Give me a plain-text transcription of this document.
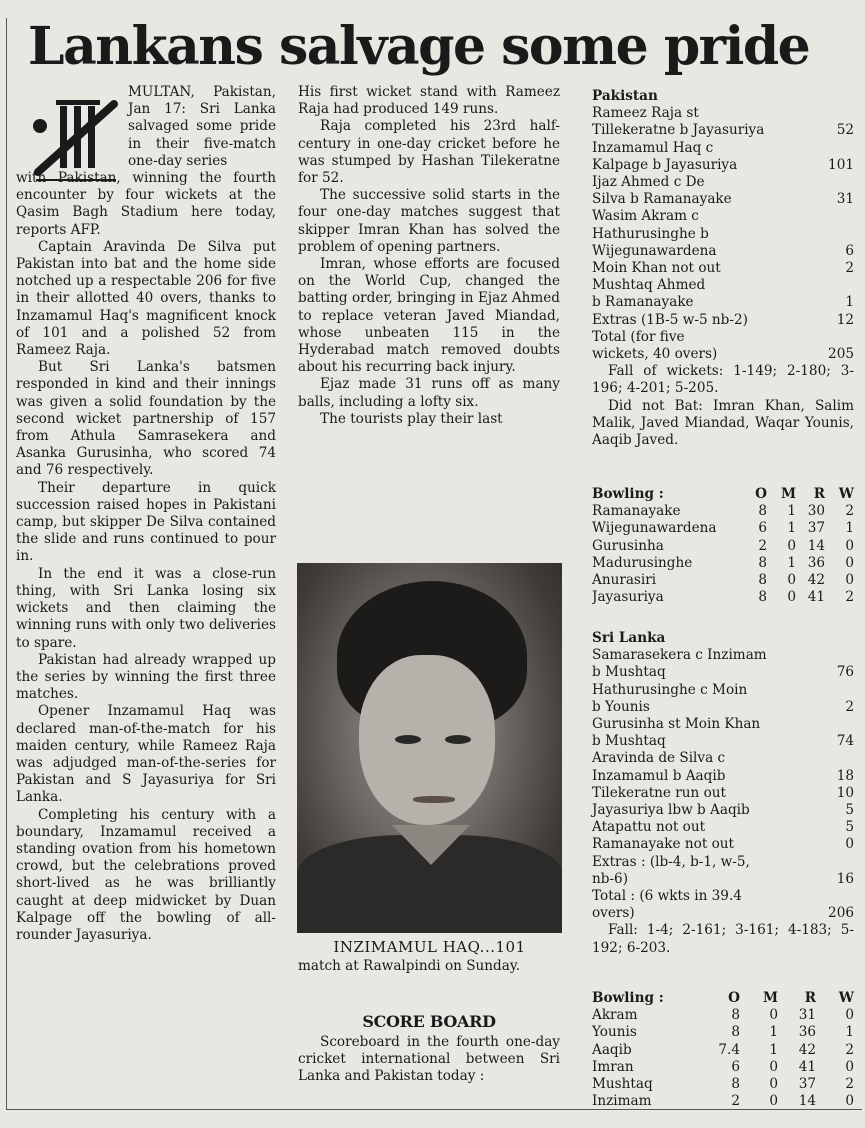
Lankans salvage some pride

MULTAN, Pakistan, Jan 17: Sri Lanka salvaged some pride in their five-match one-day series

with Pakistan, winning the fourth encounter by four wickets at the Qasim Bagh Stadium here today, reports AFP.

Captain Aravinda De Silva put Pakistan into bat and the home side notched up a respectable 206 for five in their allotted 40 overs, thanks to Inzamamul Haq's magnificent knock of 101 and a polished 52 from Rameez Raja.

But Sri Lanka's batsmen responded in kind and their innings was given a solid foundation by the second wicket partnership of 157 from Athula Samrasekera and Asanka Gurusinha, who scored 74 and 76 respectively.

Their departure in quick succession raised hopes in Pakistani camp, but skipper De Silva contained the slide and runs continued to pour in.

In the end it was a close-run thing, with Sri Lanka losing six wickets and then claiming the winning runs with only two deliveries to spare.

Pakistan had already wrapped up the series by winning the first three matches.

Opener Inzamamul Haq was declared man-of-the-match for his maiden century, while Rameez Raja was adjudged man-of-the-series for Pakistan and S Jayasuriya for Sri Lanka.

Completing his century with a boundary, Inzamamul received a standing ovation from his hometown crowd, but the celebrations proved short-lived as he was brilliantly caught at deep midwicket by Duan Kalpage off the bowling of all-rounder Jayasuriya.

His first wicket stand with Rameez Raja had produced 149 runs.

Raja completed his 23rd half-century in one-day cricket before he was stumped by Hashan Tilekeratne for 52.

The successive solid starts in the four one-day matches suggest that skipper Imran Khan has solved the problem of opening partners.

Imran, whose efforts are focused on the World Cup, changed the batting order, bringing in Ejaz Ahmed to replace veteran Javed Miandad, whose unbeaten 115 in the Hyderabad match removed doubts about his recurring back injury.

Ejaz made 31 runs off as many balls, including a lofty six.

The tourists play their last

INZIMAMUL HAQ...101

match at Rawalpindi on Sunday.

SCORE BOARD

Scoreboard in the fourth one-day cricket international between Sri Lanka and Pakistan today :

Pakistan
Rameez Raja st
Tillekeratne b Jayasuriya	52
Inzamamul Haq c
Kalpage b Jayasuriya	101
Ijaz Ahmed c De
Silva b Ramanayake	31
Wasim Akram c
Hathurusinghe b
Wijegunawardena	6
Moin Khan not out	2
Mushtaq Ahmed
b Ramanayake	1
Extras (1B-5 w-5 nb-2)	12
Total (for five
wickets, 40 overs)	205
Fall of wickets: 1-149; 2-180; 3-196; 4-201; 5-205.
Did not Bat: Imran Khan, Salim Malik, Javed Miandad, Waqar Younis, Aaqib Javed.
Bowling :	O	M	R	W
Ramanayake	8	1 30	2
Wijegunawardena	6	1 37	1
Gurusinha	2	0 14	0
Madurusinghe	8	1 36	0
Anurasiri	8	0 42	0
Jayasuriya	8	0 41	2
Sri Lanka
Samarasekera c Inzimam
b Mushtaq	76
Hathurusinghe c Moin
b Younis	2
Gurusinha st Moin Khan
b Mushtaq	74
Aravinda de Silva c
Inzamamul b Aaqib	18
Tilekeratne run out	10
Jayasuriya lbw b Aaqib	5
Atapattu not out	5
Ramanayake not out	0
Extras : (lb-4, b-1, w-5,
nb-6)	16
Total : (6 wkts in 39.4
overs)	206
Fall: 1-4; 2-161; 3-161; 4-183; 5-192; 6-203.
Bowling :	O	M	R	W
Akram	8	0	31	0
Younis	8	1	36	1
Aaqib	7.4	1	42	2
Imran	6	0	41	0
Mushtaq	8	0	37	2
Inzimam	2	0	14	0
